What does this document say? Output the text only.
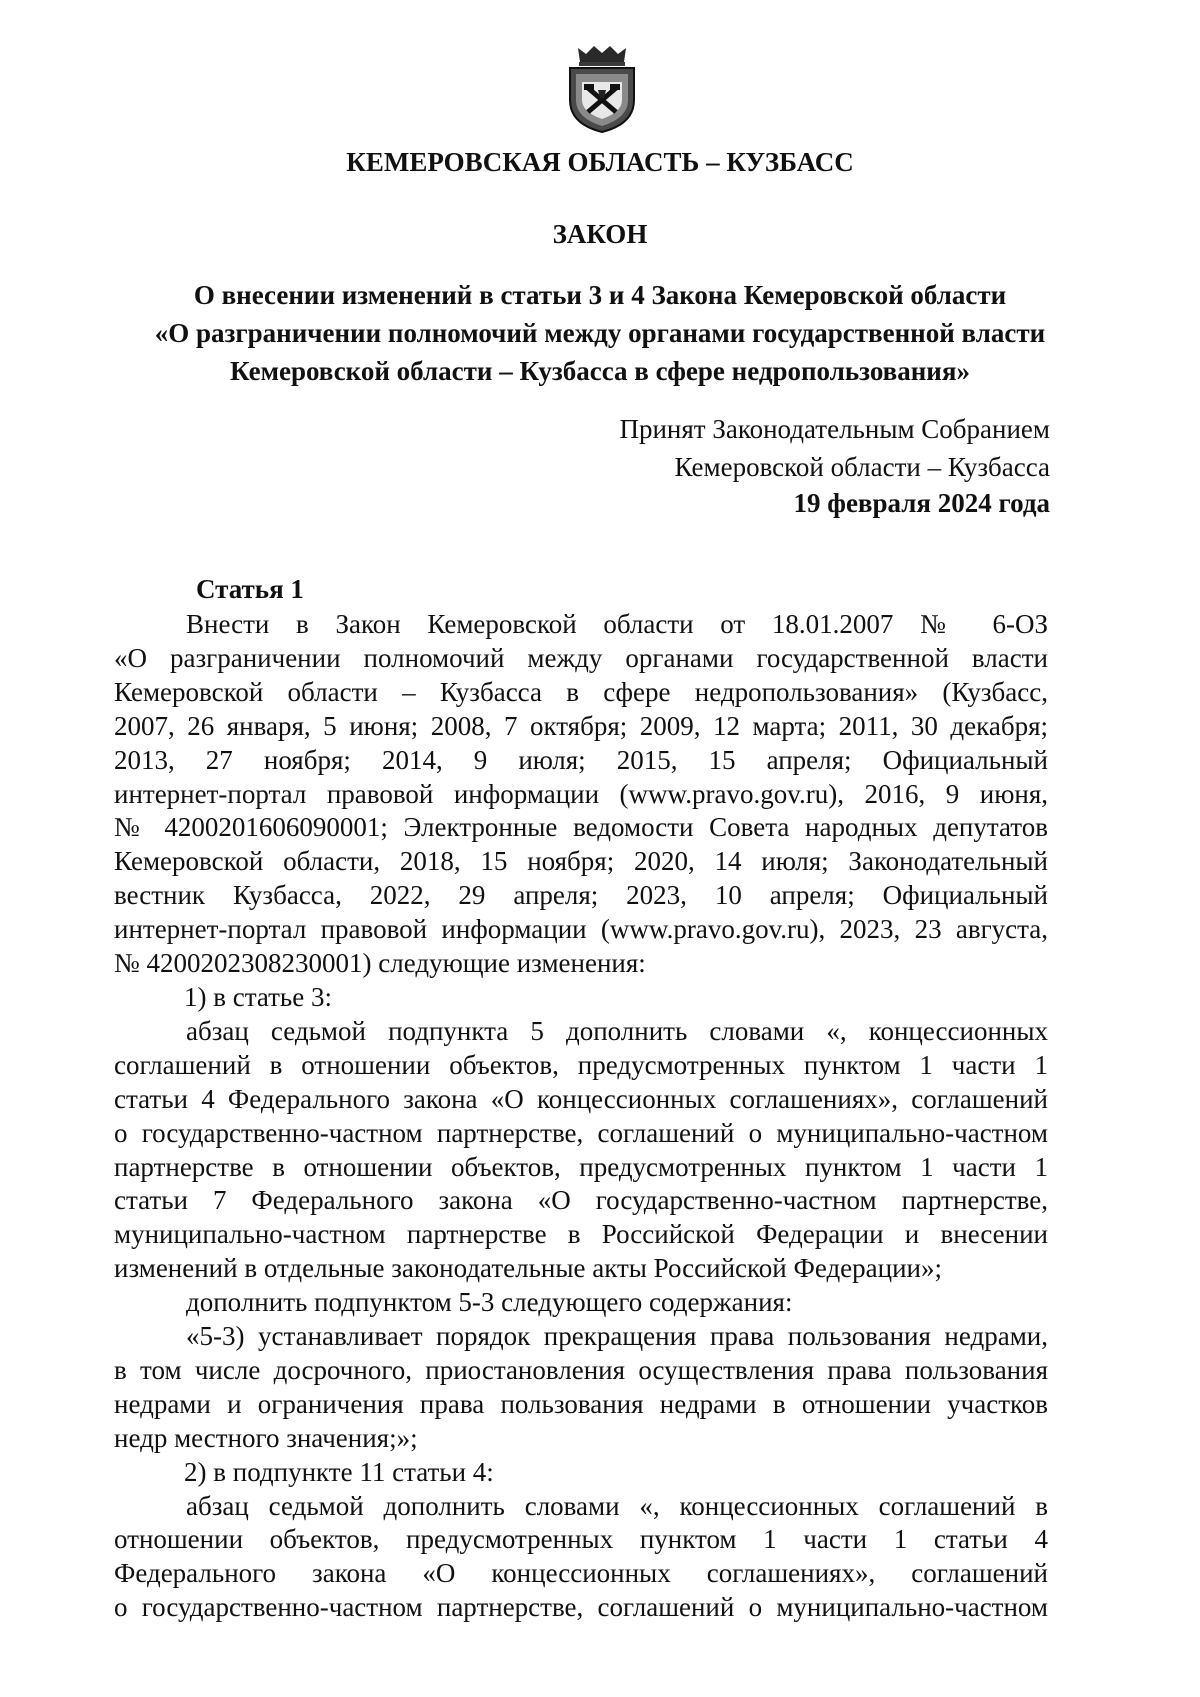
КЕМЕРОВСКАЯ ОБЛАСТЬ – КУЗБАСС
ЗАКОН
О внесении изменений в статьи 3 и 4 Закона Кемеровской области
«О разграничении полномочий между органами государственной власти
Кемеровской области – Кузбасса в сфере недропользования»
Принят Законодательным Собранием
Кемеровской области – Кузбасса
19 февраля 2024 года
Статья 1

Внести в Закон Кемеровской области от 18.01.2007 № 6-ОЗ

«О разграничении полномочий между органами государственной власти

Кемеровской области – Кузбасса в сфере недропользования» (Кузбасс,

2007, 26 января, 5 июня; 2008, 7 октября; 2009, 12 марта; 2011, 30 декабря;

2013, 27 ноября; 2014, 9 июля; 2015, 15 апреля; Официальный

интернет-портал правовой информации (www.pravo.gov.ru), 2016, 9 июня,

№ 4200201606090001; Электронные ведомости Совета народных депутатов

Кемеровской области, 2018, 15 ноября; 2020, 14 июля; Законодательный

вестник Кузбасса, 2022, 29 апреля; 2023, 10 апреля; Официальный

интернет-портал правовой информации (www.pravo.gov.ru), 2023, 23 августа,

№ 4200202308230001) следующие изменения:

1) в статье 3:

абзац седьмой подпункта 5 дополнить словами «, концессионных

соглашений в отношении объектов, предусмотренных пунктом 1 части 1

статьи 4 Федерального закона «О концессионных соглашениях», соглашений

о государственно-частном партнерстве, соглашений о муниципально-частном

партнерстве в отношении объектов, предусмотренных пунктом 1 части 1

статьи 7 Федерального закона «О государственно-частном партнерстве,

муниципально-частном партнерстве в Российской Федерации и внесении

изменений в отдельные законодательные акты Российской Федерации»;

дополнить подпунктом 5-3 следующего содержания:

«5-3) устанавливает порядок прекращения права пользования недрами,

в том числе досрочного, приостановления осуществления права пользования

недрами и ограничения права пользования недрами в отношении участков

недр местного значения;»;

2) в подпункте 11 статьи 4:

абзац седьмой дополнить словами «, концессионных соглашений в

отношении объектов, предусмотренных пунктом 1 части 1 статьи 4

Федерального закона «О концессионных соглашениях», соглашений

о государственно-частном партнерстве, соглашений о муниципально-частном
